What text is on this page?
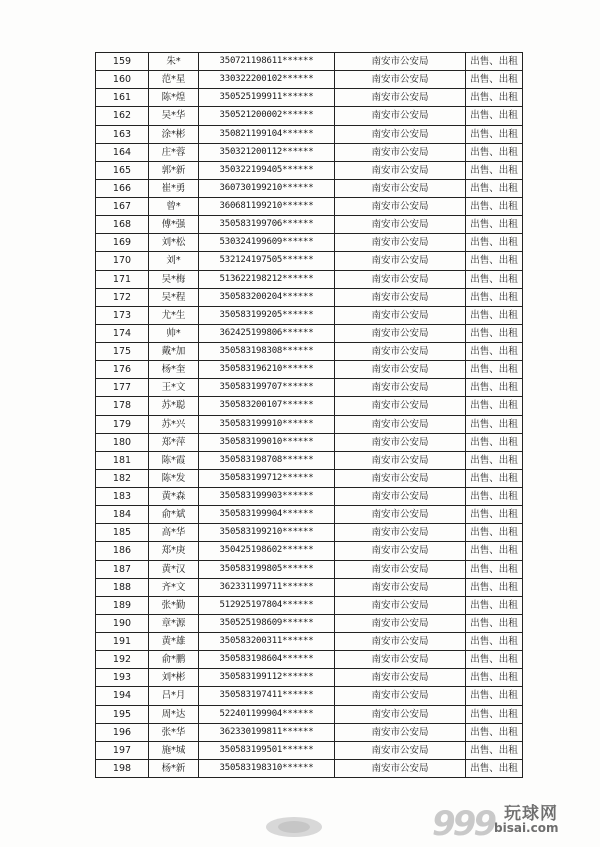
159	朱*	350721198611******	南安市公安局	出售、出租
160	范*星	330322200102******	南安市公安局	出售、出租
161	陈*煌	350525199911******	南安市公安局	出售、出租
162	吴*华	350521200002******	南安市公安局	出售、出租
163	涂*彬	350821199104******	南安市公安局	出售、出租
164	庄*蓉	350321200112******	南安市公安局	出售、出租
165	郭*新	350322199405******	南安市公安局	出售、出租
166	崔*勇	360730199210******	南安市公安局	出售、出租
167	曾*	360681199210******	南安市公安局	出售、出租
168	傅*强	350583199706******	南安市公安局	出售、出租
169	刘*松	530324199609******	南安市公安局	出售、出租
170	刘*	532124197505******	南安市公安局	出售、出租
171	吴*梅	513622198212******	南安市公安局	出售、出租
172	吴*程	350583200204******	南安市公安局	出售、出租
173	尤*生	350583199205******	南安市公安局	出售、出租
174	帅*	362425199806******	南安市公安局	出售、出租
175	戴*加	350583198308******	南安市公安局	出售、出租
176	杨*奎	350583196210******	南安市公安局	出售、出租
177	王*文	350583199707******	南安市公安局	出售、出租
178	苏*聪	350583200107******	南安市公安局	出售、出租
179	苏*兴	350583199910******	南安市公安局	出售、出租
180	郑*萍	350583199010******	南安市公安局	出售、出租
181	陈*霞	350583198708******	南安市公安局	出售、出租
182	陈*发	350583199712******	南安市公安局	出售、出租
183	黄*森	350583199903******	南安市公安局	出售、出租
184	俞*斌	350583199904******	南安市公安局	出售、出租
185	高*华	350583199210******	南安市公安局	出售、出租
186	郑*庚	350425198602******	南安市公安局	出售、出租
187	黄*汉	350583199805******	南安市公安局	出售、出租
188	齐*文	362331199711******	南安市公安局	出售、出租
189	张*勤	512925197804******	南安市公安局	出售、出租
190	章*源	350525198609******	南安市公安局	出售、出租
191	黄*雄	350583200311******	南安市公安局	出售、出租
192	俞*鹏	350583198604******	南安市公安局	出售、出租
193	刘*彬	350583199112******	南安市公安局	出售、出租
194	吕*月	350583197411******	南安市公安局	出售、出租
195	周*达	522401199904******	南安市公安局	出售、出租
196	张*华	362330199811******	南安市公安局	出售、出租
197	施*城	350583199501******	南安市公安局	出售、出租
198	杨*新	350583198310******	南安市公安局	出售、出租
999 玩球网
bisai.com
